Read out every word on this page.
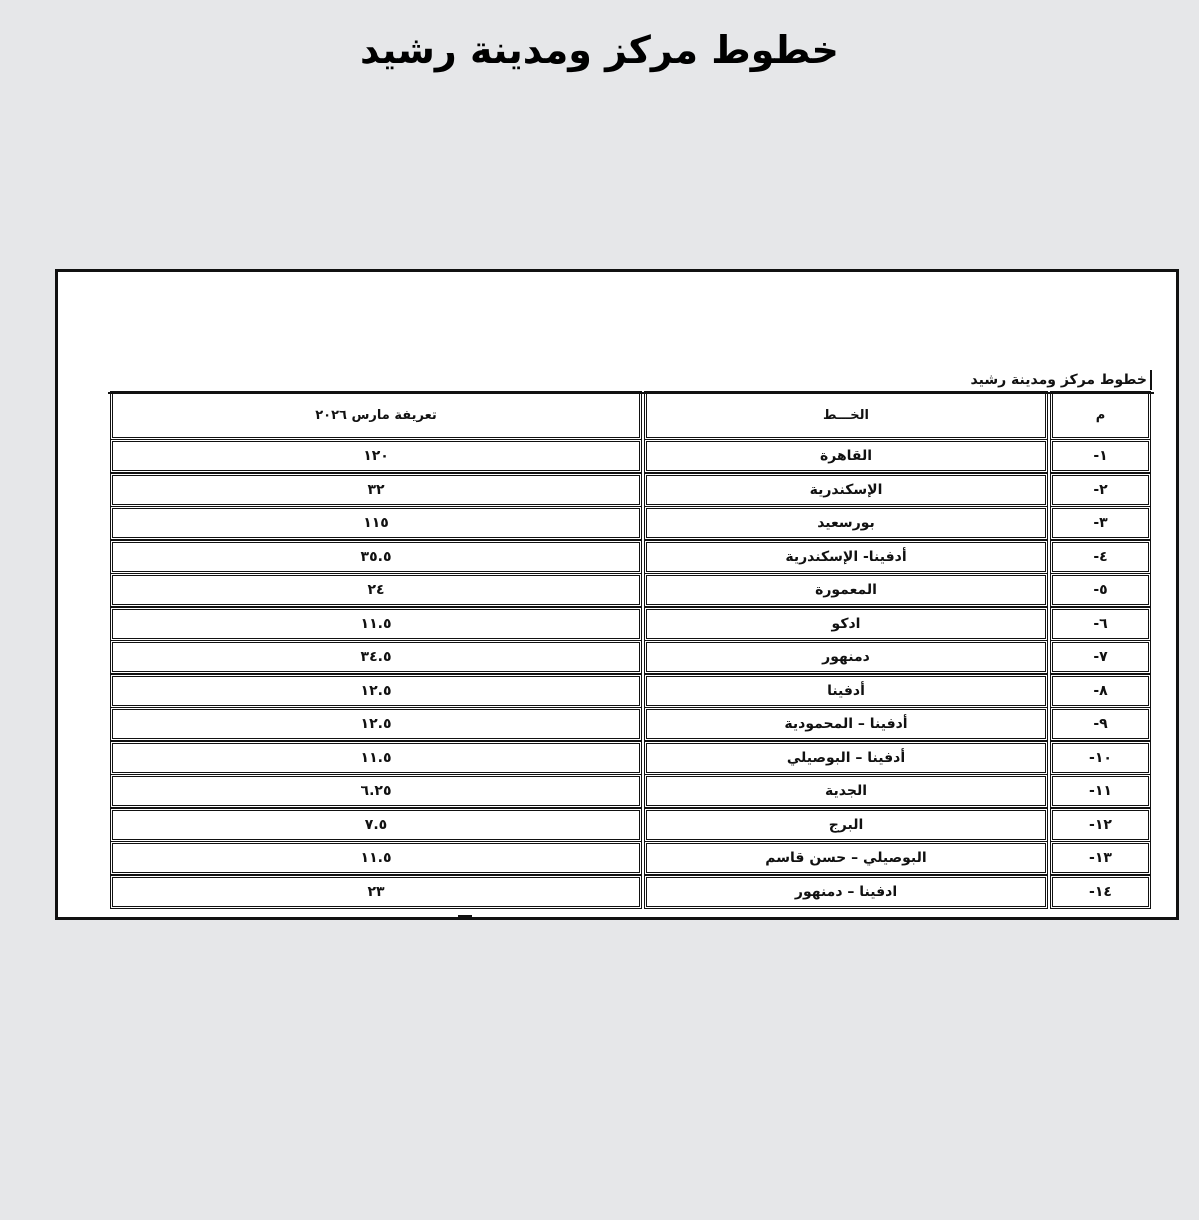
خطوط مركز ومدينة رشيد
خطوط مركز ومدينة رشيد
تعريفة مارس ٢٠٢٦	الخـــط	م
١٢٠	القاهرة	١-
٣٢	الإسكندرية	٢-
١١٥	بورسعيد	٣-
٣٥.٥	أدفينا- الإسكندرية	٤-
٢٤	المعمورة	٥-
١١.٥	ادكو	٦-
٣٤.٥	دمنهور	٧-
١٢.٥	أدفينا	٨-
١٢.٥	أدفينا – المحمودية	٩-
١١.٥	أدفينا – البوصيلي	١٠-
٦.٢٥	الجدية	١١-
٧.٥	البرج	١٢-
١١.٥	البوصيلي – حسن قاسم	١٣-
٢٣	ادفينا – دمنهور	١٤-
